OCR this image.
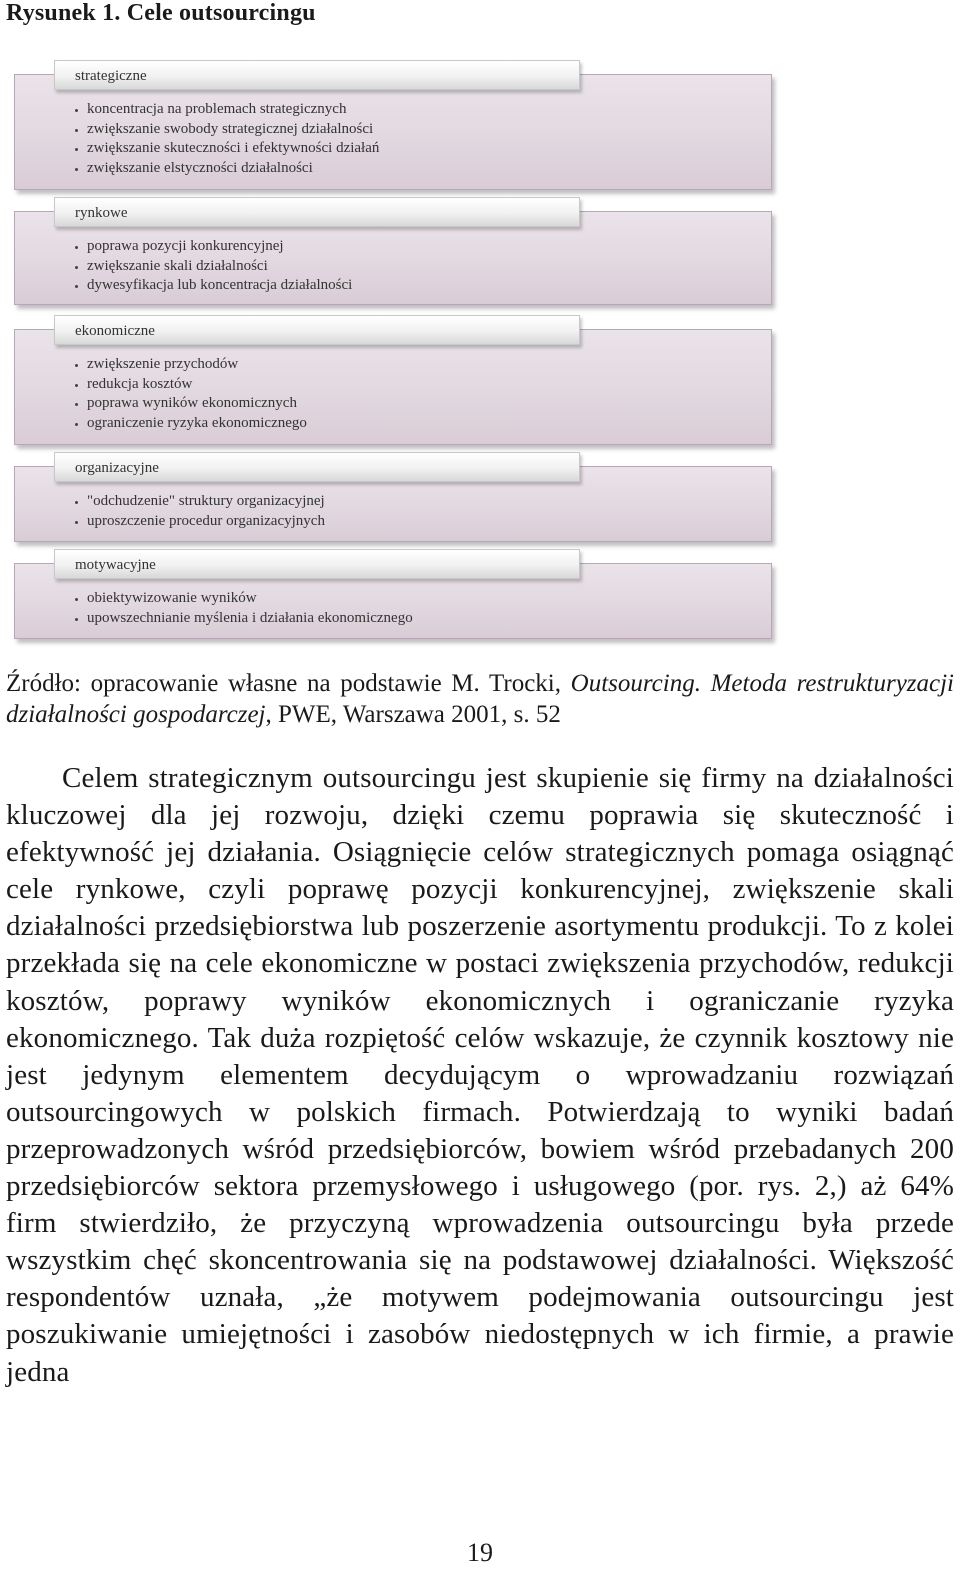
Rysunek 1. Cele outsourcingu
strategiczne
koncentracja na problemach strategicznych
zwiększanie swobody strategicznej działalności
zwiększanie skuteczności i efektywności działań
zwiększanie elstyczności działalności
rynkowe
poprawa pozycji konkurencyjnej
zwiększanie skali działalności
dywesyfikacja lub koncentracja działalności
ekonomiczne
zwiększenie przychodów
redukcja kosztów
poprawa wyników ekonomicznych
ograniczenie ryzyka ekonomicznego
organizacyjne
"odchudzenie" struktury organizacyjnej
uproszczenie procedur organizacyjnych
motywacyjne
obiektywizowanie wyników
upowszechnianie myślenia i działania ekonomicznego

Źródło: opracowanie własne na podstawie M. Trocki, Outsourcing. Metoda restrukturyzacji działalności gospodarczej, PWE, Warszawa 2001, s. 52

Celem strategicznym outsourcingu jest skupienie się firmy na działalności kluczowej dla jej rozwoju, dzięki czemu poprawia się skuteczność i efektywność jej działania. Osiągnięcie celów strategicznych pomaga osiągnąć cele rynkowe, czyli poprawę pozycji konkurencyjnej, zwiększenie skali działalności przedsiębiorstwa lub poszerzenie asortymentu produkcji. To z kolei przekłada się na cele ekonomiczne w postaci zwiększenia przychodów, redukcji kosztów, poprawy wyników ekonomicznych i ograniczanie ryzyka ekonomicznego. Tak duża rozpiętość celów wskazuje, że czynnik kosztowy nie jest jedynym elementem decydującym o wprowadzaniu rozwiązań outsourcingowych w polskich firmach. Potwierdzają to wyniki badań przeprowadzonych wśród przedsiębiorców, bowiem wśród przebadanych 200 przedsiębiorców sektora przemysłowego i usługowego (por. rys. 2,) aż 64% firm stwierdziło, że przyczyną wprowadzenia outsourcingu była przede wszystkim chęć skoncentrowania się na podstawowej działalności. Większość respondentów uznała, „że motywem podejmowania outsourcingu jest poszukiwanie umiejętności i zasobów niedostępnych w ich firmie, a prawie jedna

19
